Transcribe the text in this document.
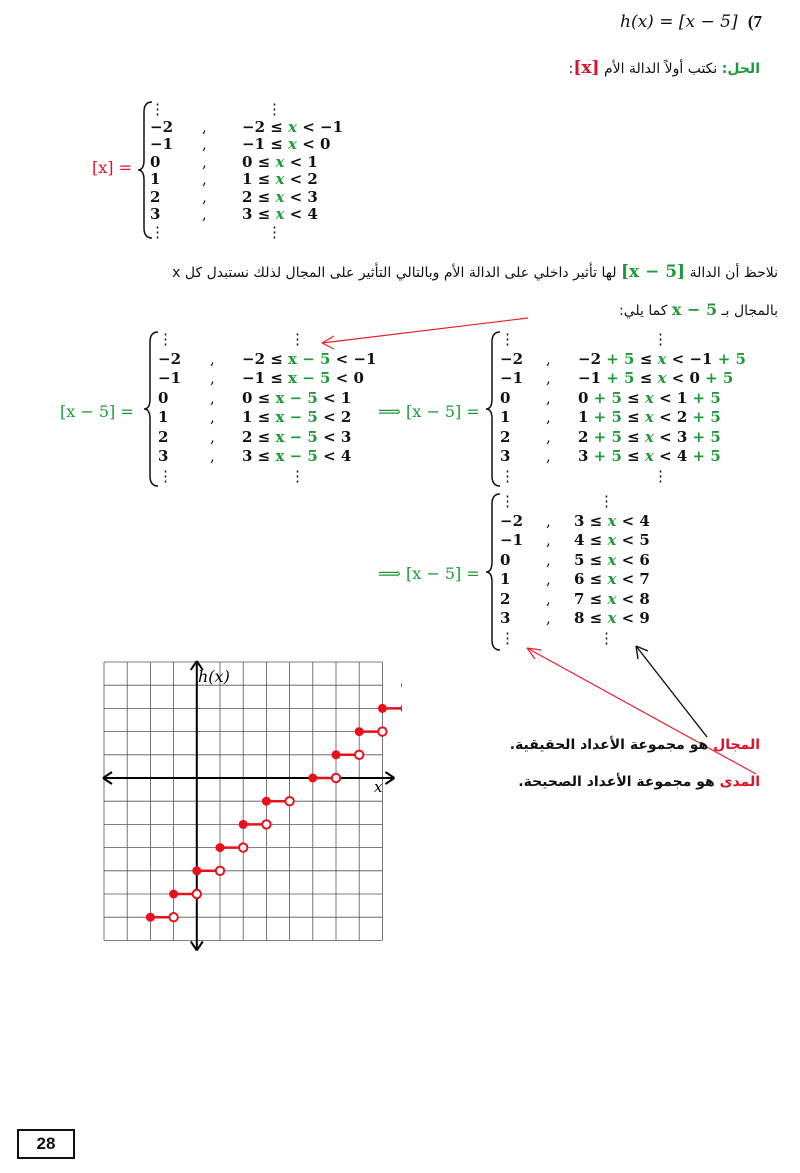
h(x) = [x − 5] (7
الحل: نكتب أولاً الدالة الأم [x]:
[x] =
⋮	⋮
−2 , −2 ≤ x < −1
−1 , −1 ≤ x < 0
0	, 0 ≤ x < 1
1	, 1 ≤ x < 2
2	, 2 ≤ x < 3
3	, 3 ≤ x < 4
⋮	⋮
نلاحظ أن الدالة [x − 5] لها تأثير داخلي على الدالة الأم وبالتالي التأثير على المجال لذلك نستبدل كل x
بالمجال بـ x − 5 كما يلي:
[x − 5] =
⋮	⋮
−2 , −2 ≤ x − 5 < −1
−1 , −1 ≤ x − 5 < 0
0	, 0 ≤ x − 5 < 1
1	, 1 ≤ x − 5 < 2
2	, 2 ≤ x − 5 < 3
3	, 3 ≤ x − 5 < 4
⋮	⋮
⟹ [x − 5] =
⋮	⋮
−2 , −2 + 5 ≤ x < −1 + 5
−1 , −1 + 5 ≤ x < 0 + 5
0 , 0 + 5 ≤ x < 1 + 5
1 , 1 + 5 ≤ x < 2 + 5
2 , 2 + 5 ≤ x < 3 + 5
3 , 3 + 5 ≤ x < 4 + 5
⋮	⋮
⟹ [x − 5] =
⋮	⋮
−2 , 3 ≤ x < 4
−1 , 4 ≤ x < 5
0 , 5 ≤ x < 6
1 , 6 ≤ x < 7
2 , 7 ≤ x < 8
3 , 8 ≤ x < 9
⋮	⋮
المجال هو مجموعة الأعداد الحقيقية.
المدى هو مجموعة الأعداد الصحيحة.
h(x)
x
28
